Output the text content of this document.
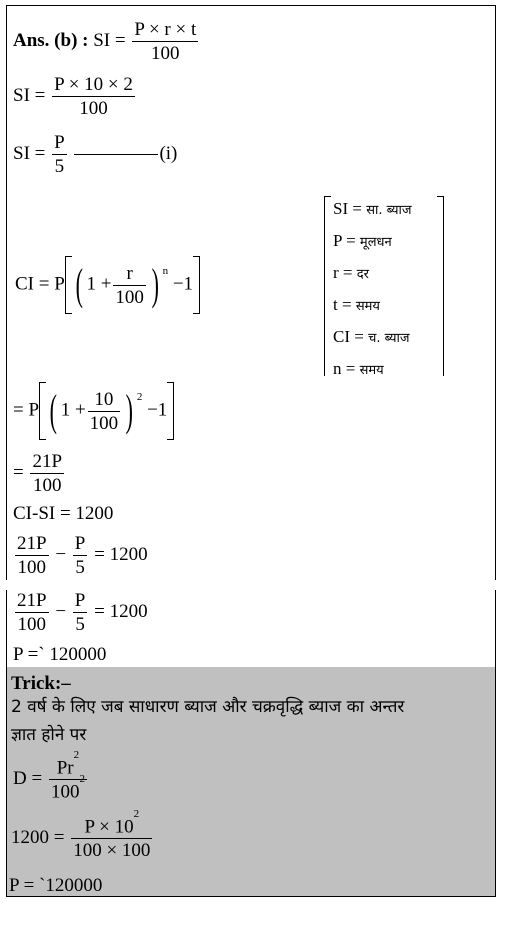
Ans. (b) : SI = $\frac{P \times r \times t}{100}$
SI = $\frac{P \times 10 \times 2}{100}$
SI = $\frac{P}{5}$	(i)
SI = सा. ब्याज
P = मूलधन
r = दर
t = समय
CI = च. ब्याज
n = समय
CI = P ( $1 + \frac{r}{100}$ ) $^n$ −1
= P ( $1 + \frac{10}{100}$ ) $^2$ −1
= $\frac{21P}{100}$
CI-SI = 1200
$\frac{21P}{100} - \frac{P}{5} = 1200$
$\frac{21P}{100} - \frac{P}{5} = 1200$
P =` 120000
Trick:–
2 वर्ष के लिए जब साधारण ब्याज और चक्रवृद्धि ब्याज का अन्तर
ज्ञात होने पर
$D = \frac{Pr^2}{100^2}$
$1200 = \frac{P \times 10^2}{100 \times 100}$
P = `120000
